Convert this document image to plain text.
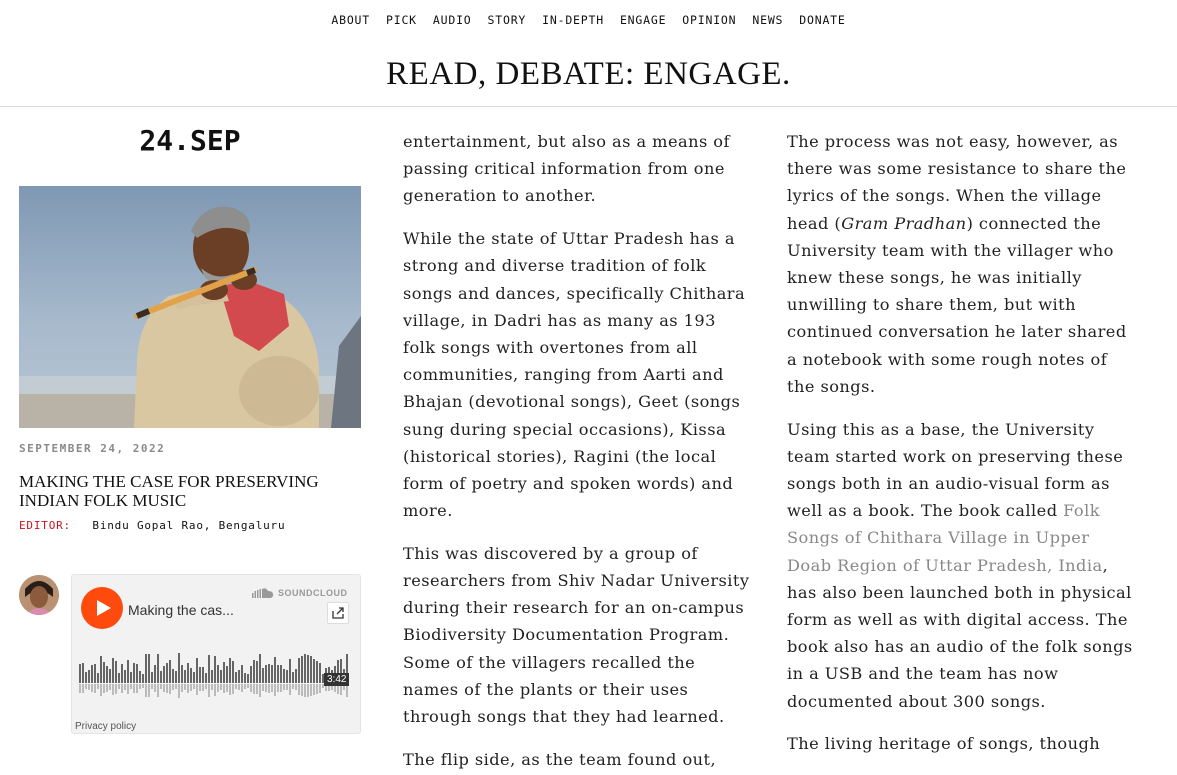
ABOUT	PICK	AUDIO	STORY	IN-DEPTH	ENGAGE	OPINION	NEWS	DONATE
READ, DEBATE: ENGAGE.
24.SEP
SEPTEMBER 24, 2022
MAKING THE CASE FOR PRESERVING INDIAN FOLK MUSIC
EDITOR: Bindu Gopal Rao, Bengaluru
Making the cas...
SOUNDCLOUD
3:42
Privacy policy

entertainment, but also as a means of passing critical information from one generation to another.

While the state of Uttar Pradesh has a strong and diverse tradition of folk songs and dances, specifically Chithara village, in Dadri has as many as 193 folk songs with overtones from all communities, ranging from Aarti and Bhajan (devotional songs), Geet (songs sung during special occasions), Kissa (historical stories), Ragini (the local form of poetry and spoken words) and more.

This was discovered by a group of researchers from Shiv Nadar University during their research for an on-campus Biodiversity Documentation Program. Some of the villagers recalled the names of the plants or their uses through songs that they had learned.

The flip side, as the team found out,

The process was not easy, however, as there was some resistance to share the lyrics of the songs. When the village head (Gram Pradhan) connected the University team with the villager who knew these songs, he was initially unwilling to share them, but with continued conversation he later shared a notebook with some rough notes of the songs.

Using this as a base, the University team started work on preserving these songs both in an audio-visual form as well as a book. The book called Folk Songs of Chithara Village in Upper Doab Region of Uttar Pradesh, India, has also been launched both in physical form as well as with digital access. The book also has an audio of the folk songs in a USB and the team has now documented about 300 songs.

The living heritage of songs, though
